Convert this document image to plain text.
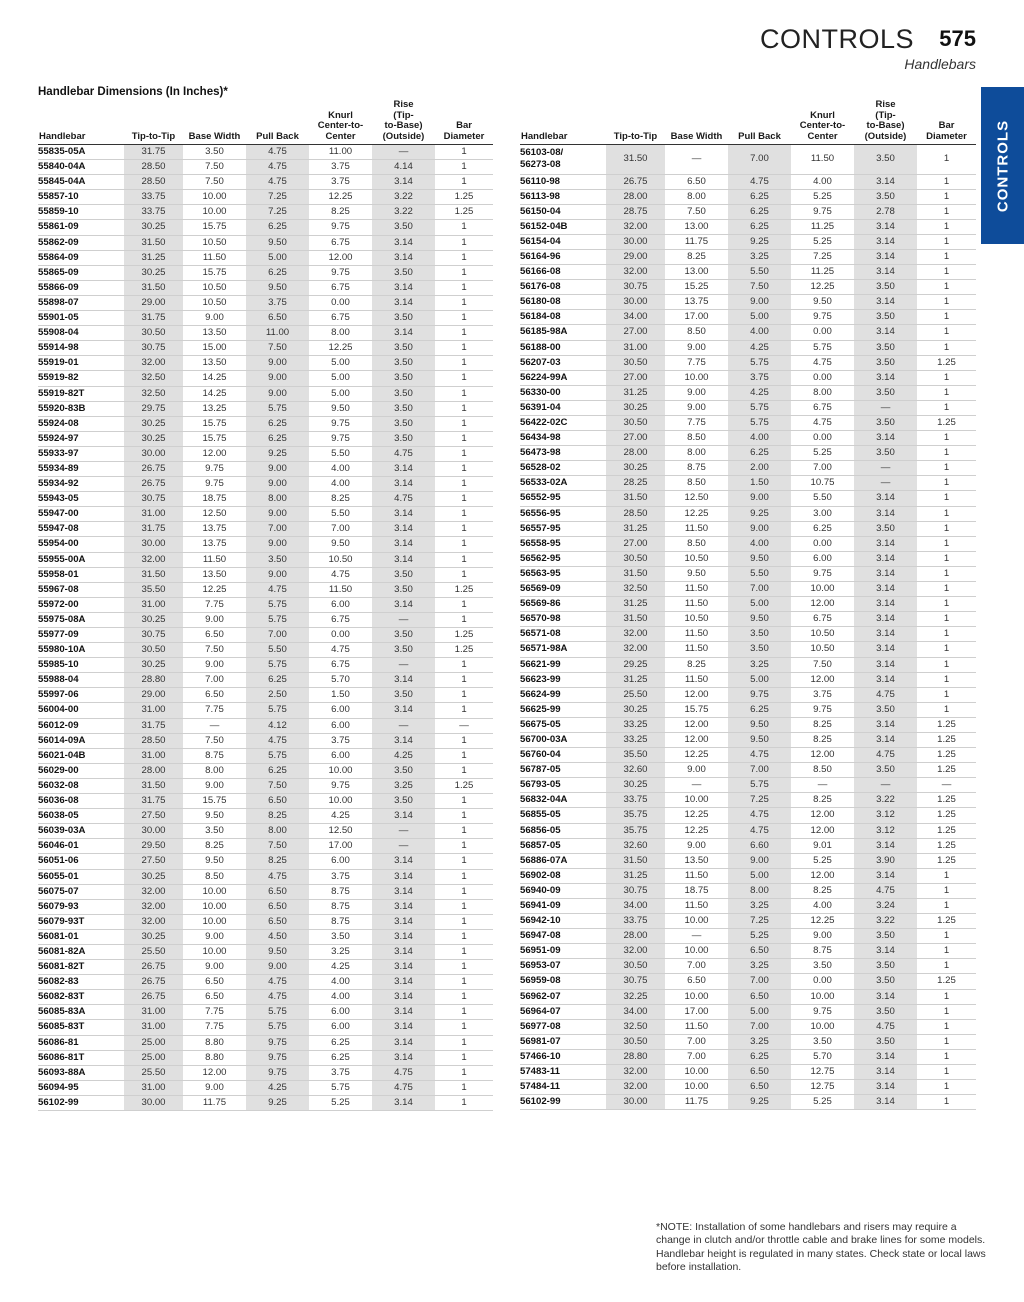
CONTROLS 575
Handlebars
CONTROLS
Handlebar Dimensions (In Inches)*
Handlebar	Tip-to-Tip	Base Width	Pull Back	Knurl
Center-to-
Center	Rise
(Tip-
to-Base)
(Outside)	Bar
Diameter
55835-05A	31.75	3.50	4.75	11.00	—	1
55840-04A	28.50	7.50	4.75	3.75	4.14	1
55845-04A	28.50	7.50	4.75	3.75	3.14	1
55857-10	33.75	10.00	7.25	12.25	3.22	1.25
55859-10	33.75	10.00	7.25	8.25	3.22	1.25
55861-09	30.25	15.75	6.25	9.75	3.50	1
55862-09	31.50	10.50	9.50	6.75	3.14	1
55864-09	31.25	11.50	5.00	12.00	3.14	1
55865-09	30.25	15.75	6.25	9.75	3.50	1
55866-09	31.50	10.50	9.50	6.75	3.14	1
55898-07	29.00	10.50	3.75	0.00	3.14	1
55901-05	31.75	9.00	6.50	6.75	3.50	1
55908-04	30.50	13.50	11.00	8.00	3.14	1
55914-98	30.75	15.00	7.50	12.25	3.50	1
55919-01	32.00	13.50	9.00	5.00	3.50	1
55919-82	32.50	14.25	9.00	5.00	3.50	1
55919-82T	32.50	14.25	9.00	5.00	3.50	1
55920-83B	29.75	13.25	5.75	9.50	3.50	1
55924-08	30.25	15.75	6.25	9.75	3.50	1
55924-97	30.25	15.75	6.25	9.75	3.50	1
55933-97	30.00	12.00	9.25	5.50	4.75	1
55934-89	26.75	9.75	9.00	4.00	3.14	1
55934-92	26.75	9.75	9.00	4.00	3.14	1
55943-05	30.75	18.75	8.00	8.25	4.75	1
55947-00	31.00	12.50	9.00	5.50	3.14	1
55947-08	31.75	13.75	7.00	7.00	3.14	1
55954-00	30.00	13.75	9.00	9.50	3.14	1
55955-00A	32.00	11.50	3.50	10.50	3.14	1
55958-01	31.50	13.50	9.00	4.75	3.50	1
55967-08	35.50	12.25	4.75	11.50	3.50	1.25
55972-00	31.00	7.75	5.75	6.00	3.14	1
55975-08A	30.25	9.00	5.75	6.75	—	1
55977-09	30.75	6.50	7.00	0.00	3.50	1.25
55980-10A	30.50	7.50	5.50	4.75	3.50	1.25
55985-10	30.25	9.00	5.75	6.75	—	1
55988-04	28.80	7.00	6.25	5.70	3.14	1
55997-06	29.00	6.50	2.50	1.50	3.50	1
56004-00	31.00	7.75	5.75	6.00	3.14	1
56012-09	31.75	—	4.12	6.00	—	—
56014-09A	28.50	7.50	4.75	3.75	3.14	1
56021-04B	31.00	8.75	5.75	6.00	4.25	1
56029-00	28.00	8.00	6.25	10.00	3.50	1
56032-08	31.50	9.00	7.50	9.75	3.25	1.25
56036-08	31.75	15.75	6.50	10.00	3.50	1
56038-05	27.50	9.50	8.25	4.25	3.14	1
56039-03A	30.00	3.50	8.00	12.50	—	1
56046-01	29.50	8.25	7.50	17.00	—	1
56051-06	27.50	9.50	8.25	6.00	3.14	1
56055-01	30.25	8.50	4.75	3.75	3.14	1
56075-07	32.00	10.00	6.50	8.75	3.14	1
56079-93	32.00	10.00	6.50	8.75	3.14	1
56079-93T	32.00	10.00	6.50	8.75	3.14	1
56081-01	30.25	9.00	4.50	3.50	3.14	1
56081-82A	25.50	10.00	9.50	3.25	3.14	1
56081-82T	26.75	9.00	9.00	4.25	3.14	1
56082-83	26.75	6.50	4.75	4.00	3.14	1
56082-83T	26.75	6.50	4.75	4.00	3.14	1
56085-83A	31.00	7.75	5.75	6.00	3.14	1
56085-83T	31.00	7.75	5.75	6.00	3.14	1
56086-81	25.00	8.80	9.75	6.25	3.14	1
56086-81T	25.00	8.80	9.75	6.25	3.14	1
56093-88A	25.50	12.00	9.75	3.75	4.75	1
56094-95	31.00	9.00	4.25	5.75	4.75	1
56102-99	30.00	11.75	9.25	5.25	3.14	1
Handlebar	Tip-to-Tip	Base Width	Pull Back	Knurl
Center-to-
Center	Rise
(Tip-
to-Base)
(Outside)	Bar
Diameter
56103-08/
56273-08	31.50	—	7.00	11.50	3.50	1
56110-98	26.75	6.50	4.75	4.00	3.14	1
56113-98	28.00	8.00	6.25	5.25	3.50	1
56150-04	28.75	7.50	6.25	9.75	2.78	1
56152-04B	32.00	13.00	6.25	11.25	3.14	1
56154-04	30.00	11.75	9.25	5.25	3.14	1
56164-96	29.00	8.25	3.25	7.25	3.14	1
56166-08	32.00	13.00	5.50	11.25	3.14	1
56176-08	30.75	15.25	7.50	12.25	3.50	1
56180-08	30.00	13.75	9.00	9.50	3.14	1
56184-08	34.00	17.00	5.00	9.75	3.50	1
56185-98A	27.00	8.50	4.00	0.00	3.14	1
56188-00	31.00	9.00	4.25	5.75	3.50	1
56207-03	30.50	7.75	5.75	4.75	3.50	1.25
56224-99A	27.00	10.00	3.75	0.00	3.14	1
56330-00	31.25	9.00	4.25	8.00	3.50	1
56391-04	30.25	9.00	5.75	6.75	—	1
56422-02C	30.50	7.75	5.75	4.75	3.50	1.25
56434-98	27.00	8.50	4.00	0.00	3.14	1
56473-98	28.00	8.00	6.25	5.25	3.50	1
56528-02	30.25	8.75	2.00	7.00	—	1
56533-02A	28.25	8.50	1.50	10.75	—	1
56552-95	31.50	12.50	9.00	5.50	3.14	1
56556-95	28.50	12.25	9.25	3.00	3.14	1
56557-95	31.25	11.50	9.00	6.25	3.50	1
56558-95	27.00	8.50	4.00	0.00	3.14	1
56562-95	30.50	10.50	9.50	6.00	3.14	1
56563-95	31.50	9.50	5.50	9.75	3.14	1
56569-09	32.50	11.50	7.00	10.00	3.14	1
56569-86	31.25	11.50	5.00	12.00	3.14	1
56570-98	31.50	10.50	9.50	6.75	3.14	1
56571-08	32.00	11.50	3.50	10.50	3.14	1
56571-98A	32.00	11.50	3.50	10.50	3.14	1
56621-99	29.25	8.25	3.25	7.50	3.14	1
56623-99	31.25	11.50	5.00	12.00	3.14	1
56624-99	25.50	12.00	9.75	3.75	4.75	1
56625-99	30.25	15.75	6.25	9.75	3.50	1
56675-05	33.25	12.00	9.50	8.25	3.14	1.25
56700-03A	33.25	12.00	9.50	8.25	3.14	1.25
56760-04	35.50	12.25	4.75	12.00	4.75	1.25
56787-05	32.60	9.00	7.00	8.50	3.50	1.25
56793-05	30.25	—	5.75	—	—	—
56832-04A	33.75	10.00	7.25	8.25	3.22	1.25
56855-05	35.75	12.25	4.75	12.00	3.12	1.25
56856-05	35.75	12.25	4.75	12.00	3.12	1.25
56857-05	32.60	9.00	6.60	9.01	3.14	1.25
56886-07A	31.50	13.50	9.00	5.25	3.90	1.25
56902-08	31.25	11.50	5.00	12.00	3.14	1
56940-09	30.75	18.75	8.00	8.25	4.75	1
56941-09	34.00	11.50	3.25	4.00	3.24	1
56942-10	33.75	10.00	7.25	12.25	3.22	1.25
56947-08	28.00	—	5.25	9.00	3.50	1
56951-09	32.00	10.00	6.50	8.75	3.14	1
56953-07	30.50	7.00	3.25	3.50	3.50	1
56959-08	30.75	6.50	7.00	0.00	3.50	1.25
56962-07	32.25	10.00	6.50	10.00	3.14	1
56964-07	34.00	17.00	5.00	9.75	3.50	1
56977-08	32.50	11.50	7.00	10.00	4.75	1
56981-07	30.50	7.00	3.25	3.50	3.50	1
57466-10	28.80	7.00	6.25	5.70	3.14	1
57483-11	32.00	10.00	6.50	12.75	3.14	1
57484-11	32.00	10.00	6.50	12.75	3.14	1
56102-99	30.00	11.75	9.25	5.25	3.14	1
*NOTE: Installation of some handlebars and risers may require a change in clutch and/or throttle cable and brake lines for some models. Handlebar height is regulated in many states. Check state or local laws before installation.
